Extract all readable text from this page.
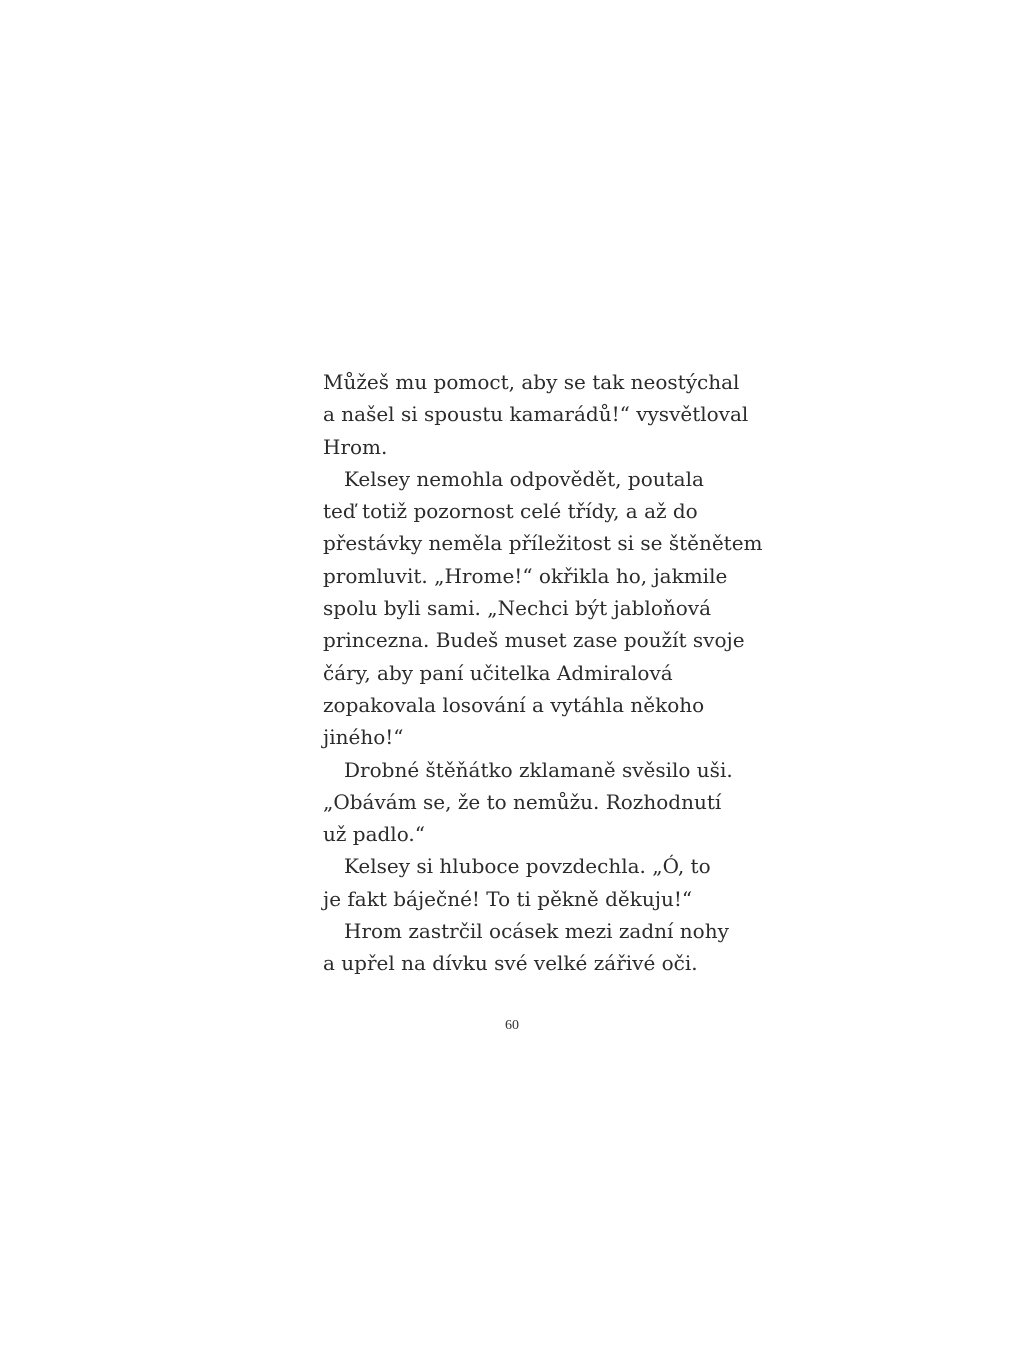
Můžeš mu pomoct, aby se tak neostýchal
a našel si spoustu kamarádů!“ vysvětloval
Hrom.
Kelsey nemohla odpovědět, poutala
teď totiž pozornost celé třídy, a až do
přestávky neměla příležitost si se štěnětem
promluvit. „Hrome!“ okřikla ho, jakmile
spolu byli sami. „Nechci být jabloňová
princezna. Budeš muset zase použít svoje
čáry, aby paní učitelka Admiralová
zopakovala losování a vytáhla někoho
jiného!“
Drobné štěňátko zklamaně svěsilo uši.
„Obávám se, že to nemůžu. Rozhodnutí
už padlo.“
Kelsey si hluboce povzdechla. „Ó, to
je fakt báječné! To ti pěkně děkuju!“
Hrom zastrčil ocásek mezi zadní nohy
a upřel na dívku své velké zářivé oči.
60
